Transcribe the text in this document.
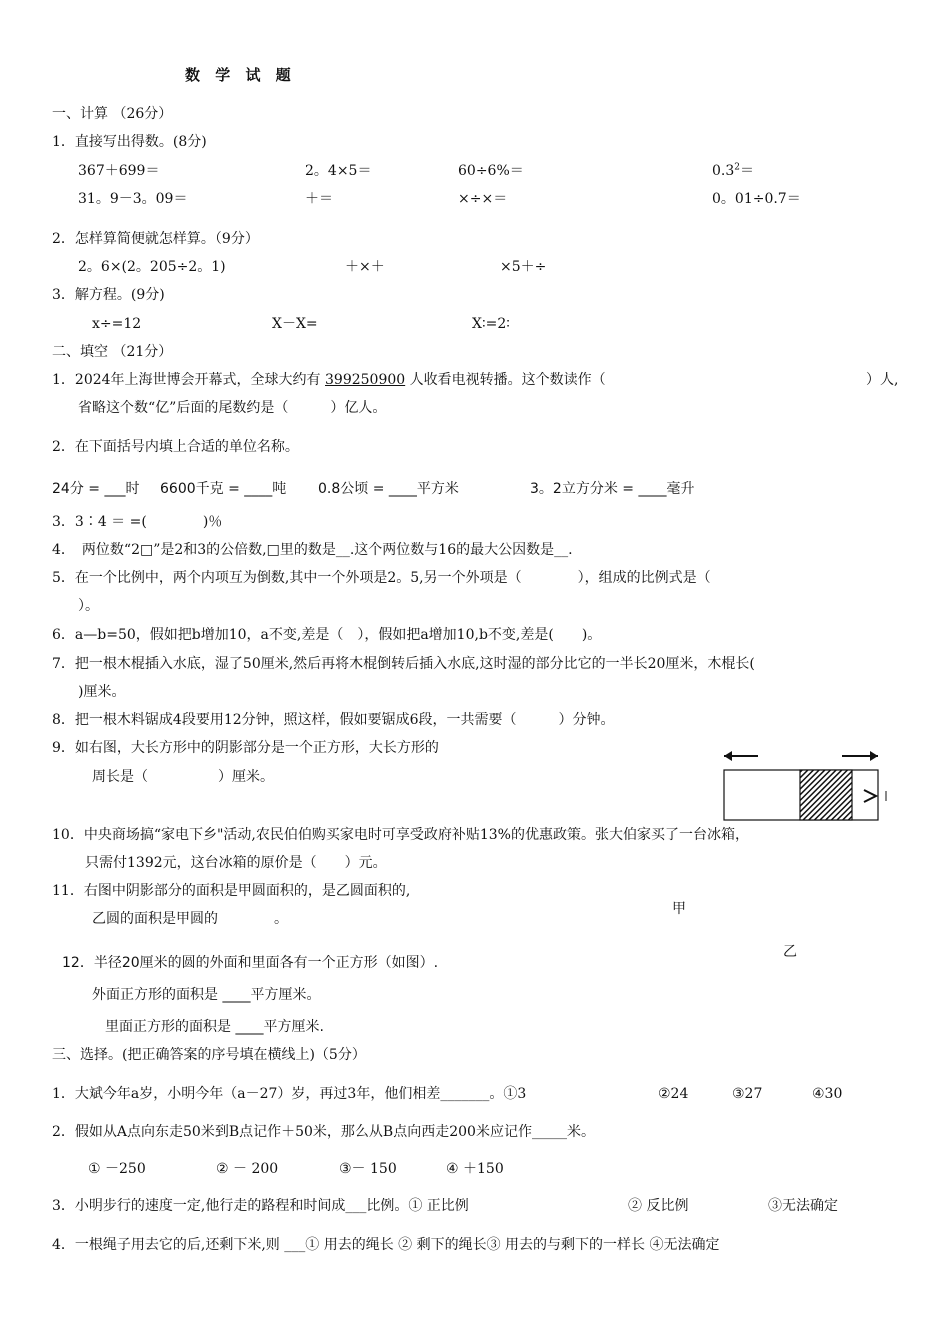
数 学 试 题
一、计算 （26分）
1．直接写出得数。(8分)
367＋699＝	2。4×5＝	60÷6%＝	$0.3^2=$
31。9－3。09＝	＋＝	×÷×＝	0。01÷0.7＝
2．怎样算简便就怎样算。（9分）
2。6×(2。205÷2。1)	＋×＋	×5＋÷
3．解方程。(9分)
x÷=12	X－X=	X∶=2∶
二、填空 （21分）
1．2024年上海世博会开幕式，全球大约有 399250900 人收看电视转播。这个数读作（	）人,
省略这个数“亿”后面的尾数约是（　　　）亿人。
2．在下面括号内填上合适的单位名称。
24分 = ___时 6600千克 = ____吨 0.8公顷 = ____平方米	3。2立方分米 = ____毫升
3．3∶4 ＝ =(　　　　)％
4．　两位数“2□”是2和3的公倍数,□里的数是__.这个两位数与16的最大公因数是__.
5．在一个比例中，两个内项互为倒数,其中一个外项是2。5,另一个外项是（　　　　），组成的比例式是（
）。
6．a—b=50，假如把b增加10，a不变,差是（　），假如把a增加10,b不变,差是(　　)。
7．把一根木棍插入水底，湿了50厘米,然后再将木棍倒转后插入水底,这时湿的部分比它的一半长20厘米，木棍长(
)厘米。
8．把一根木料锯成4段要用12分钟，照这样，假如要锯成6段，一共需要（　　　）分钟。
9．如右图，大长方形中的阴影部分是一个正方形，大长方形的
周长是（　　　　　）厘米。
10．中央商场搞“家电下乡"活动,农民伯伯购买家电时可享受政府补贴13%的优惠政策。张大伯家买了一台冰箱，
只需付1392元，这台冰箱的原价是（　　）元。
11．右图中阴影部分的面积是甲圆面积的，是乙圆面积的,
乙圆的面积是甲圆的　　　　。
甲
乙
12．半径20厘米的圆的外面和里面各有一个正方形（如图）.
外面正方形的面积是 ____平方厘米。
里面正方形的面积是 ____平方厘米.
三、选择。(把正确答案的序号填在横线上)（5分）
1．大斌今年a岁，小明今年（a－27）岁，再过3年，他们相差_______。①3	②24	③27	④30
2．假如从A点向东走50米到B点记作＋50米，那么从B点向西走200米应记作_____米。
① －250	② － 200	③－ 150	④ ＋150
3．小明步行的速度一定,他行走的路程和时间成___比例。① 正比例	② 反比例	③无法确定
4．一根绳子用去它的后,还剩下米,则 ___① 用去的绳长 ② 剩下的绳长③ 用去的与剩下的一样长 ④无法确定
